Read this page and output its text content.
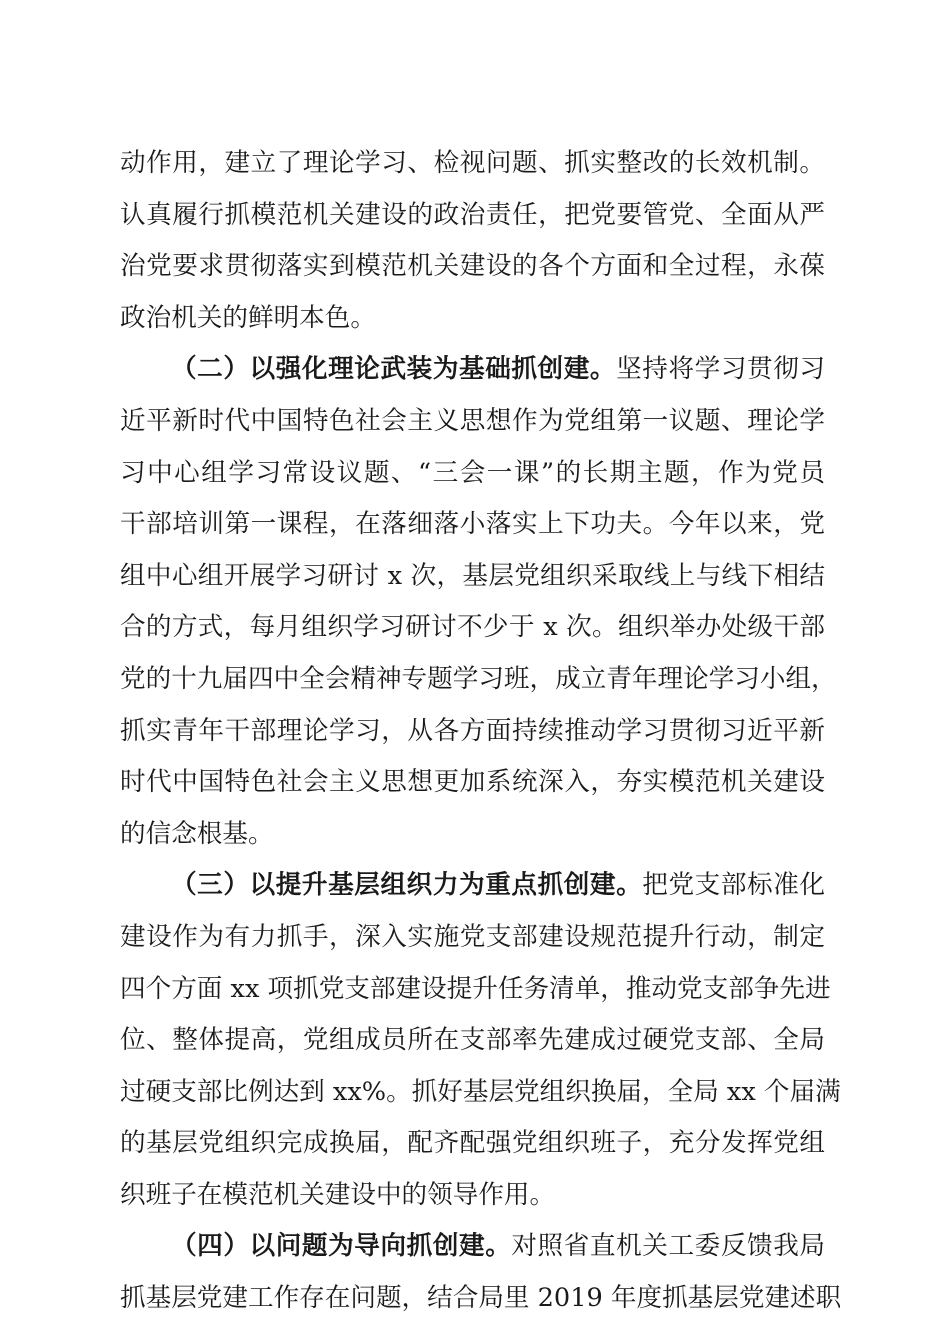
动作用，建立了理论学习、检视问题、抓实整改的长效机制。
认真履行抓模范机关建设的政治责任，把党要管党、全面从严
治党要求贯彻落实到模范机关建设的各个方面和全过程，永葆
政治机关的鲜明本色。
（二）以强化理论武装为基础抓创建。坚持将学习贯彻习
近平新时代中国特色社会主义思想作为党组第一议题、理论学
习中心组学习常设议题、“三会一课”的长期主题，作为党员
干部培训第一课程，在落细落小落实上下功夫。今年以来，党
组中心组开展学习研讨 x 次，基层党组织采取线上与线下相结
合的方式，每月组织学习研讨不少于 x 次。组织举办处级干部
党的十九届四中全会精神专题学习班，成立青年理论学习小组，
抓实青年干部理论学习，从各方面持续推动学习贯彻习近平新
时代中国特色社会主义思想更加系统深入，夯实模范机关建设
的信念根基。
（三）以提升基层组织力为重点抓创建。把党支部标准化
建设作为有力抓手，深入实施党支部建设规范提升行动，制定
四个方面 xx 项抓党支部建设提升任务清单，推动党支部争先进
位、整体提高，党组成员所在支部率先建成过硬党支部、全局
过硬支部比例达到 xx%。抓好基层党组织换届，全局 xx 个届满
的基层党组织完成换届，配齐配强党组织班子，充分发挥党组
织班子在模范机关建设中的领导作用。
（四）以问题为导向抓创建。对照省直机关工委反馈我局
抓基层党建工作存在问题，结合局里 2019 年度抓基层党建述职
